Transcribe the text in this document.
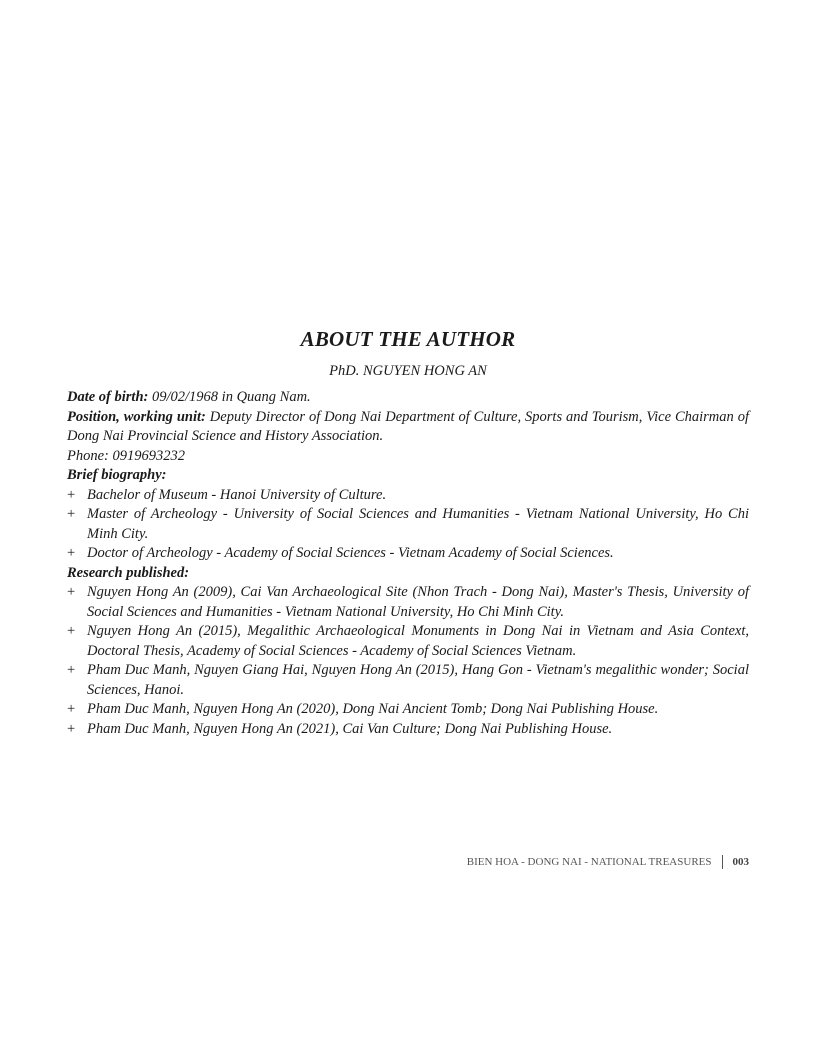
ABOUT THE AUTHOR
PhD. NGUYEN HONG AN

Date of birth: 09/02/1968 in Quang Nam.

Position, working unit: Deputy Director of Dong Nai Department of Culture, Sports and Tourism, Vice Chairman of Dong Nai Provincial Science and History Association.

Phone: 0919693232

Brief biography:

+ Bachelor of Museum - Hanoi University of Culture.
+ Master of Archeology - University of Social Sciences and Humanities - Vietnam National University, Ho Chi Minh City.
+ Doctor of Archeology - Academy of Social Sciences - Vietnam Academy of Social Sciences.

Research published:

+ Nguyen Hong An (2009), Cai Van Archaeological Site (Nhon Trach - Dong Nai), Master's Thesis, University of Social Sciences and Humanities - Vietnam National University, Ho Chi Minh City.
+ Nguyen Hong An (2015), Megalithic Archaeological Monuments in Dong Nai in Vietnam and Asia Context, Doctoral Thesis, Academy of Social Sciences - Academy of Social Sciences Vietnam.
+ Pham Duc Manh, Nguyen Giang Hai, Nguyen Hong An (2015), Hang Gon - Vietnam's megalithic wonder; Social Sciences, Hanoi.
+ Pham Duc Manh, Nguyen Hong An (2020), Dong Nai Ancient Tomb; Dong Nai Publishing House.
+ Pham Duc Manh, Nguyen Hong An (2021), Cai Van Culture; Dong Nai Publishing House.
BIEN HOA - DONG NAI - NATIONAL TREASURES 003
